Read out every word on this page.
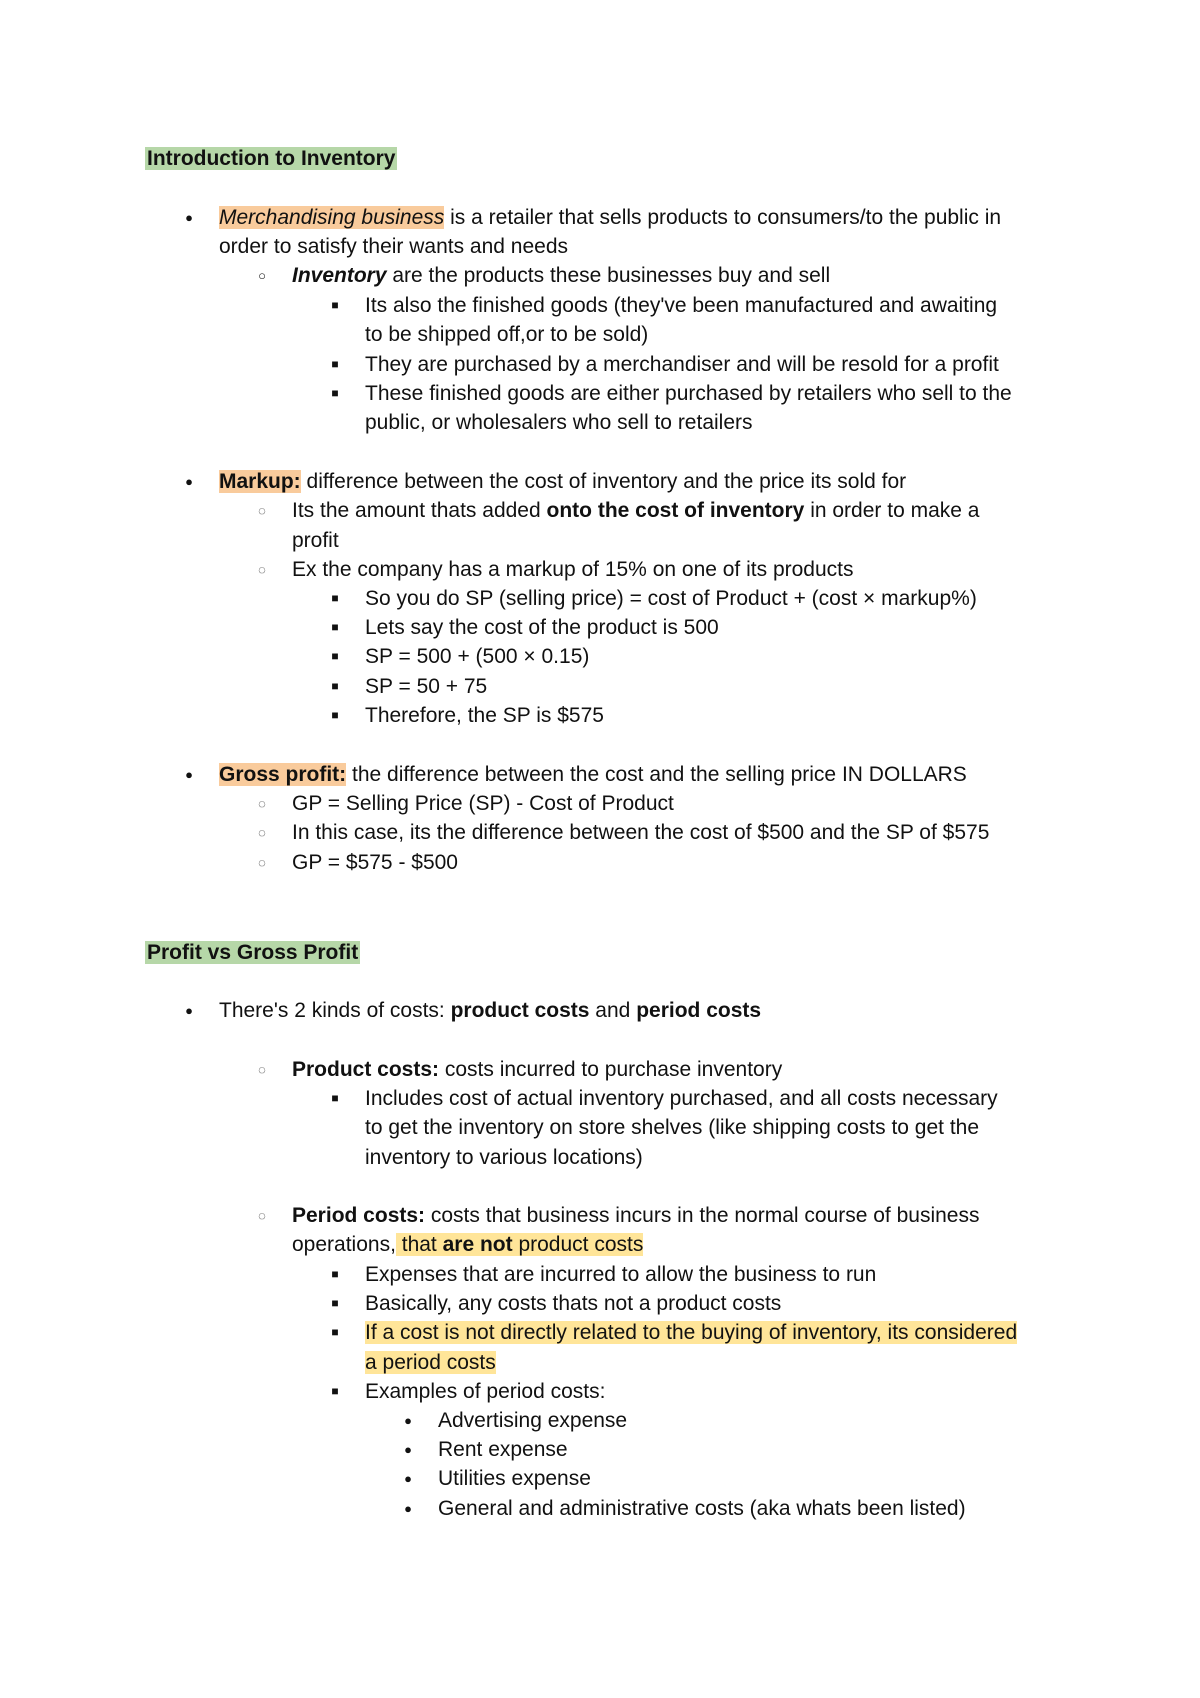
Introduction to Inventory
● Merchandising business is a retailer that sells products to consumers/to the public in
order to satisfy their wants and needs
○ Inventory are the products these businesses buy and sell
■	Its also the finished goods (they've been manufactured and awaiting
to be shipped off,or to be sold)
■	They are purchased by a merchandiser and will be resold for a profit
■	These finished goods are either purchased by retailers who sell to the
public, or wholesalers who sell to retailers
● Markup: difference between the cost of inventory and the price its sold for
◌ Its the amount thats added onto the cost of inventory in order to make a
profit
◌ Ex the company has a markup of 15% on one of its products
■	So you do SP (selling price) = cost of Product + (cost × markup%)
■	Lets say the cost of the product is 500
■	SP = 500 + (500 × 0.15)
■	SP = 50 + 75
■	Therefore, the SP is $575
● Gross profit: the difference between the cost and the selling price IN DOLLARS
◌ GP = Selling Price (SP) - Cost of Product
◌ In this case, its the difference between the cost of $500 and the SP of $575
◌ GP = $575 - $500
Profit vs Gross Profit
● There's 2 kinds of costs: product costs and period costs
◌ Product costs: costs incurred to purchase inventory
■	Includes cost of actual inventory purchased, and all costs necessary
to get the inventory on store shelves (like shipping costs to get the
inventory to various locations)
◌ Period costs: costs that business incurs in the normal course of business
operations, that are not product costs
■	Expenses that are incurred to allow the business to run
■	Basically, any costs thats not a product costs
■	If a cost is not directly related to the buying of inventory, its considered
a period costs
■	Examples of period costs:
● Advertising expense
● Rent expense
● Utilities expense
● General and administrative costs (aka whats been listed)
